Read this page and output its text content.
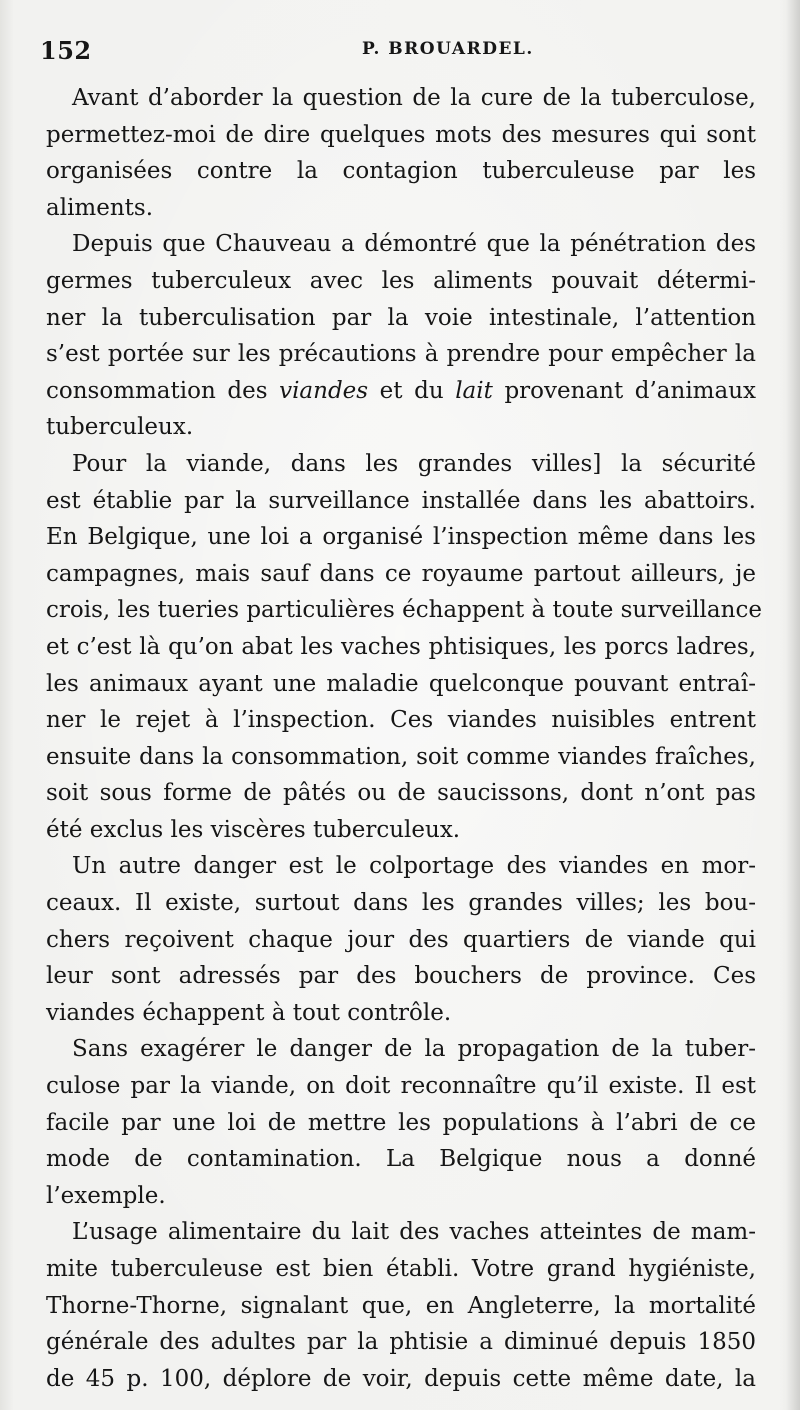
152	P. BROUARDEL.
Avant d’aborder la question de la cure de la tuberculose,
permettez-moi de dire quelques mots des mesures qui sont
organisées contre la contagion tuberculeuse par les
aliments.
Depuis que Chauveau a démontré que la pénétration des
germes tuberculeux avec les aliments pouvait détermi-
ner la tuberculisation par la voie intestinale, l’attention
s’est portée sur les précautions à prendre pour empêcher la
consommation des viandes et du lait provenant d’animaux
tuberculeux.
Pour la viande, dans les grandes villes] la sécurité
est établie par la surveillance installée dans les abattoirs.
En Belgique, une loi a organisé l’inspection même dans les
campagnes, mais sauf dans ce royaume partout ailleurs, je
crois, les tueries particulières échappent à toute surveillance
et c’est là qu’on abat les vaches phtisiques, les porcs ladres,
les animaux ayant une maladie quelconque pouvant entraî-
ner le rejet à l’inspection. Ces viandes nuisibles entrent
ensuite dans la consommation, soit comme viandes fraîches,
soit sous forme de pâtés ou de saucissons, dont n’ont pas
été exclus les viscères tuberculeux.
Un autre danger est le colportage des viandes en mor-
ceaux. Il existe, surtout dans les grandes villes; les bou-
chers reçoivent chaque jour des quartiers de viande qui
leur sont adressés par des bouchers de province. Ces
viandes échappent à tout contrôle.
Sans exagérer le danger de la propagation de la tuber-
culose par la viande, on doit reconnaître qu’il existe. Il est
facile par une loi de mettre les populations à l’abri de ce
mode de contamination. La Belgique nous a donné
l’exemple.
L’usage alimentaire du lait des vaches atteintes de mam-
mite tuberculeuse est bien établi. Votre grand hygiéniste,
Thorne-Thorne, signalant que, en Angleterre, la mortalité
générale des adultes par la phtisie a diminué depuis 1850
de 45 p. 100, déplore de voir, depuis cette même date, la
